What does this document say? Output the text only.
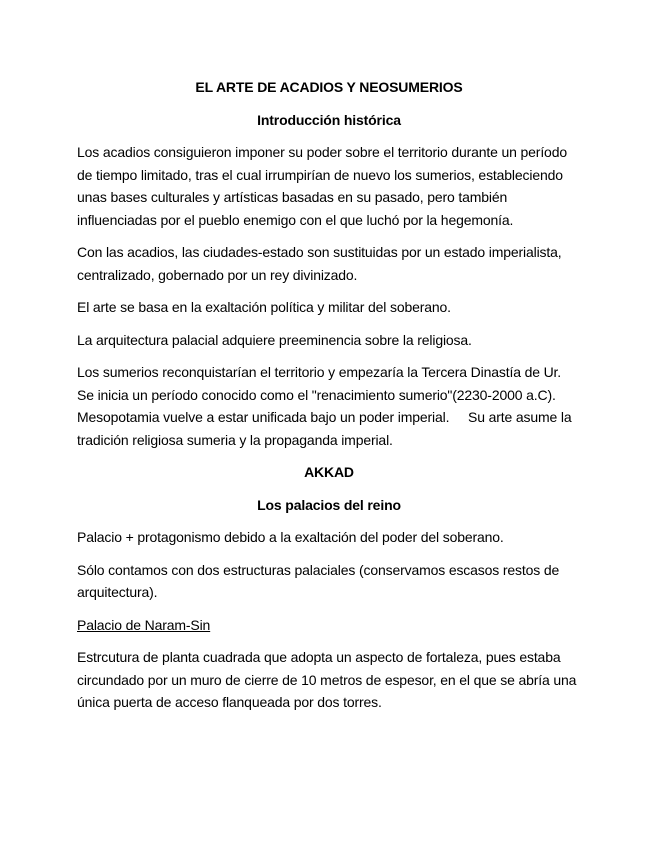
EL ARTE DE ACADIOS Y NEOSUMERIOS
Introducción histórica
Los acadios consiguieron imponer su poder sobre el territorio durante un período de tiempo limitado, tras el cual irrumpirían de nuevo los sumerios, estableciendo unas bases culturales y artísticas basadas en su pasado, pero también influenciadas por el pueblo enemigo con el que luchó por la hegemonía.
Con las acadios, las ciudades-estado son sustituidas por un estado imperialista, centralizado, gobernado por un rey divinizado.
El arte se basa en la exaltación política y militar del soberano.
La arquitectura palacial adquiere preeminencia sobre la religiosa.
Los sumerios reconquistarían el territorio y empezaría la Tercera Dinastía de Ur. Se inicia un período conocido como el "renacimiento sumerio"(2230-2000 a.C). Mesopotamia vuelve a estar unificada bajo un poder imperial.     Su arte asume la tradición religiosa sumeria y la propaganda imperial.
AKKAD
Los palacios del reino
Palacio + protagonismo debido a la exaltación del poder del soberano.
Sólo contamos con dos estructuras palaciales (conservamos escasos restos de arquitectura).
Palacio de Naram-Sin
Estrcutura de planta cuadrada que adopta un aspecto de fortaleza, pues estaba circundado por un muro de cierre de 10 metros de espesor, en el que se abría una única puerta de acceso flanqueada por dos torres.
